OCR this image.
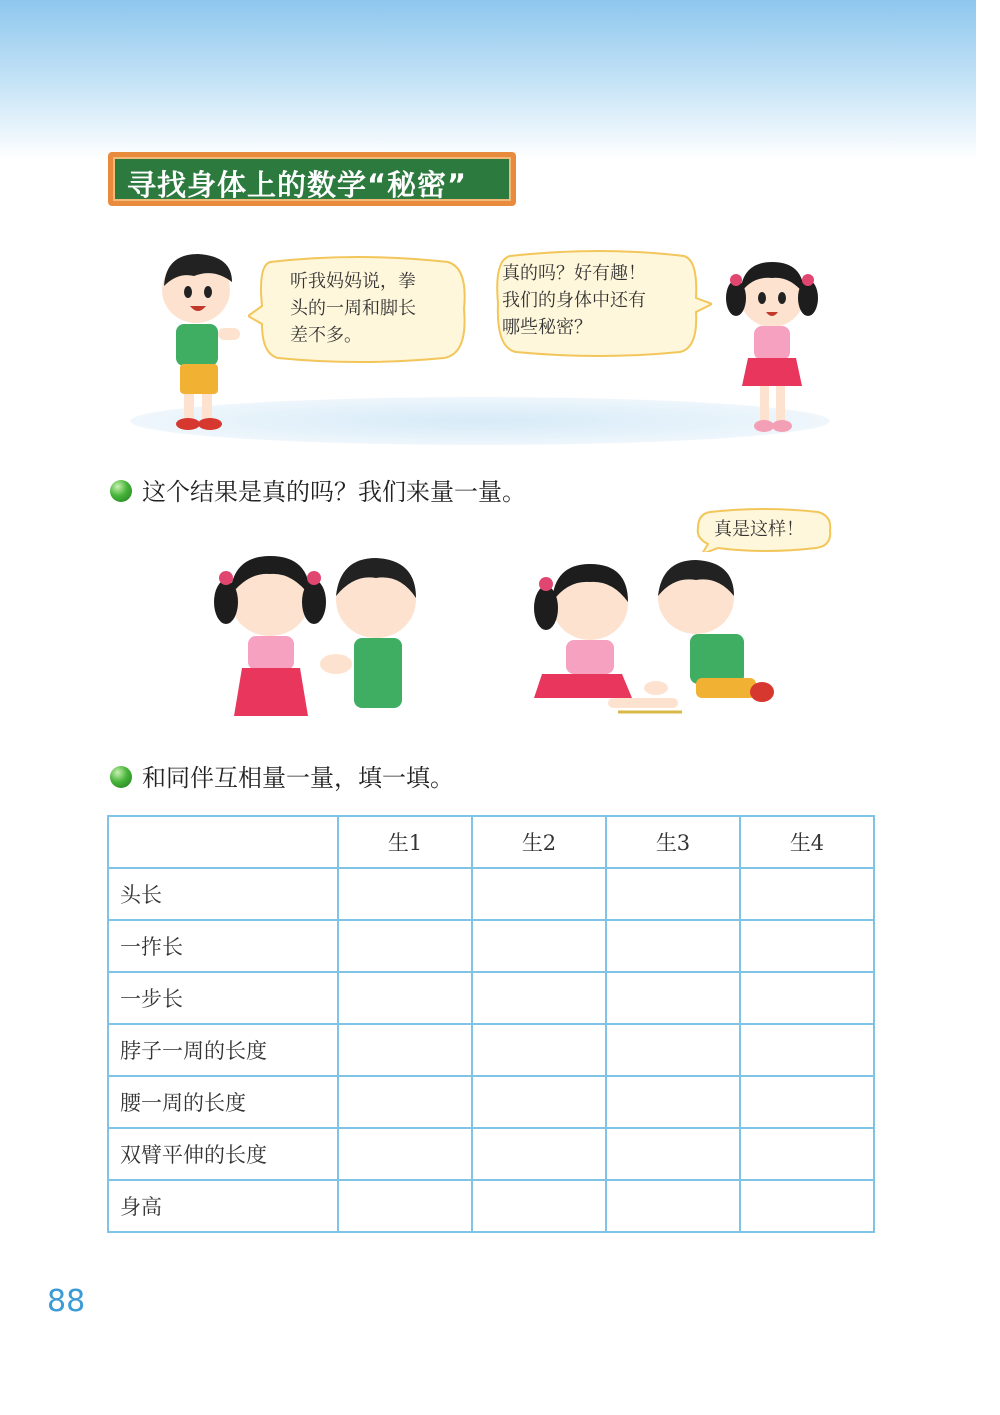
寻找身体上的数学“秘密”
听我妈妈说，拳
头的一周和脚长
差不多。
真的吗？好有趣！
我们的身体中还有
哪些秘密？
这个结果是真的吗？我们来量一量。
真是这样！
和同伴互相量一量，填一填。
	生1	生2	生3	生4
头长				
一拃长				
一步长				
脖子一周的长度				
腰一周的长度				
双臂平伸的长度				
身高				
88
